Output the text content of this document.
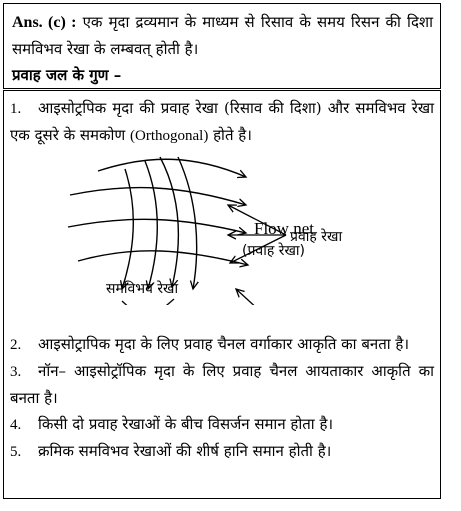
Ans. (c) : एक मृदा द्रव्यमान के माध्यम से रिसाव के समय रिसन की दिशा समविभव रेखा के लम्बवत् होती है।

प्रवाह जल के गुण –

1. आइसोट्रपिक मृदा की प्रवाह रेखा (रिसाव की दिशा) और समविभव रेखा एक दूसरे के समकोण (Orthogonal) होते है।

प्रवाह रेखा
Flow net
(प्रवाह रेखा)
समविभव रेखा

2. आइसोट्रापिक मृदा के लिए प्रवाह चैनल वर्गाकार आकृति का बनता है।

3. नॉन– आइसोट्रॉपिक मृदा के लिए प्रवाह चैनल आयताकार आकृति का बनता है।

4. किसी दो प्रवाह रेखाओं के बीच विसर्जन समान होता है।

5. क्रमिक समविभव रेखाओं की शीर्ष हानि समान होती है।
